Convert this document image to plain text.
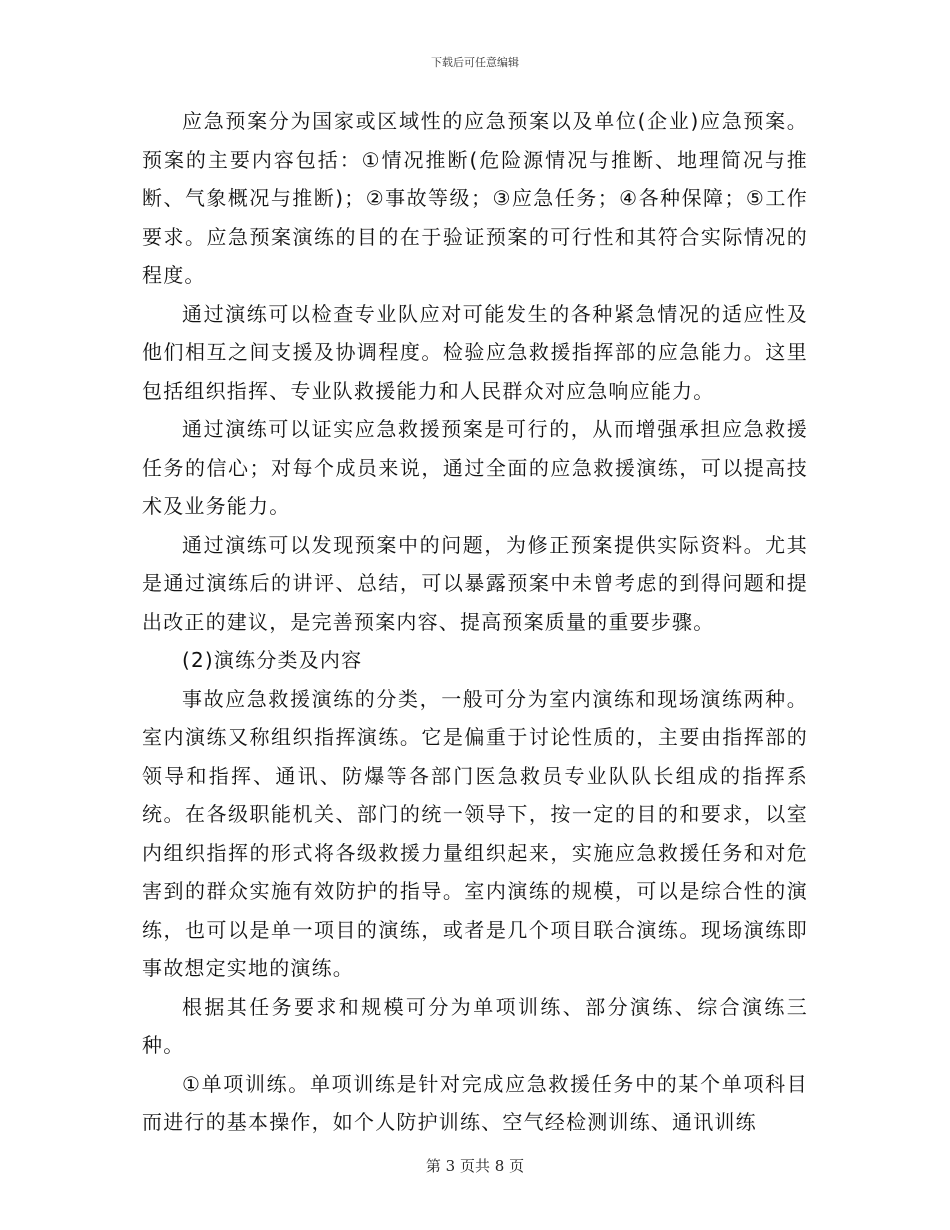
下载后可任意编辑

应急预案分为国家或区域性的应急预案以及单位(企业)应急预案。预案的主要内容包括：①情况推断(危险源情况与推断、地理简况与推断、气象概况与推断)；②事故等级；③应急任务；④各种保障；⑤工作要求。应急预案演练的目的在于验证预案的可行性和其符合实际情况的程度。

通过演练可以检查专业队应对可能发生的各种紧急情况的适应性及他们相互之间支援及协调程度。检验应急救援指挥部的应急能力。这里包括组织指挥、专业队救援能力和人民群众对应急响应能力。

通过演练可以证实应急救援预案是可行的，从而增强承担应急救援任务的信心；对每个成员来说，通过全面的应急救援演练，可以提高技术及业务能力。

通过演练可以发现预案中的问题，为修正预案提供实际资料。尤其是通过演练后的讲评、总结，可以暴露预案中未曾考虑的到得问题和提出改正的建议，是完善预案内容、提高预案质量的重要步骤。

(2)演练分类及内容

事故应急救援演练的分类，一般可分为室内演练和现场演练两种。室内演练又称组织指挥演练。它是偏重于讨论性质的，主要由指挥部的领导和指挥、通讯、防爆等各部门医急救员专业队队长组成的指挥系统。在各级职能机关、部门的统一领导下，按一定的目的和要求，以室内组织指挥的形式将各级救援力量组织起来，实施应急救援任务和对危害到的群众实施有效防护的指导。室内演练的规模，可以是综合性的演练，也可以是单一项目的演练，或者是几个项目联合演练。现场演练即事故想定实地的演练。

根据其任务要求和规模可分为单项训练、部分演练、综合演练三种。

①单项训练。单项训练是针对完成应急救援任务中的某个单项科目而进行的基本操作，如个人防护训练、空气经检测训练、通讯训练

第 3 页共 8 页
